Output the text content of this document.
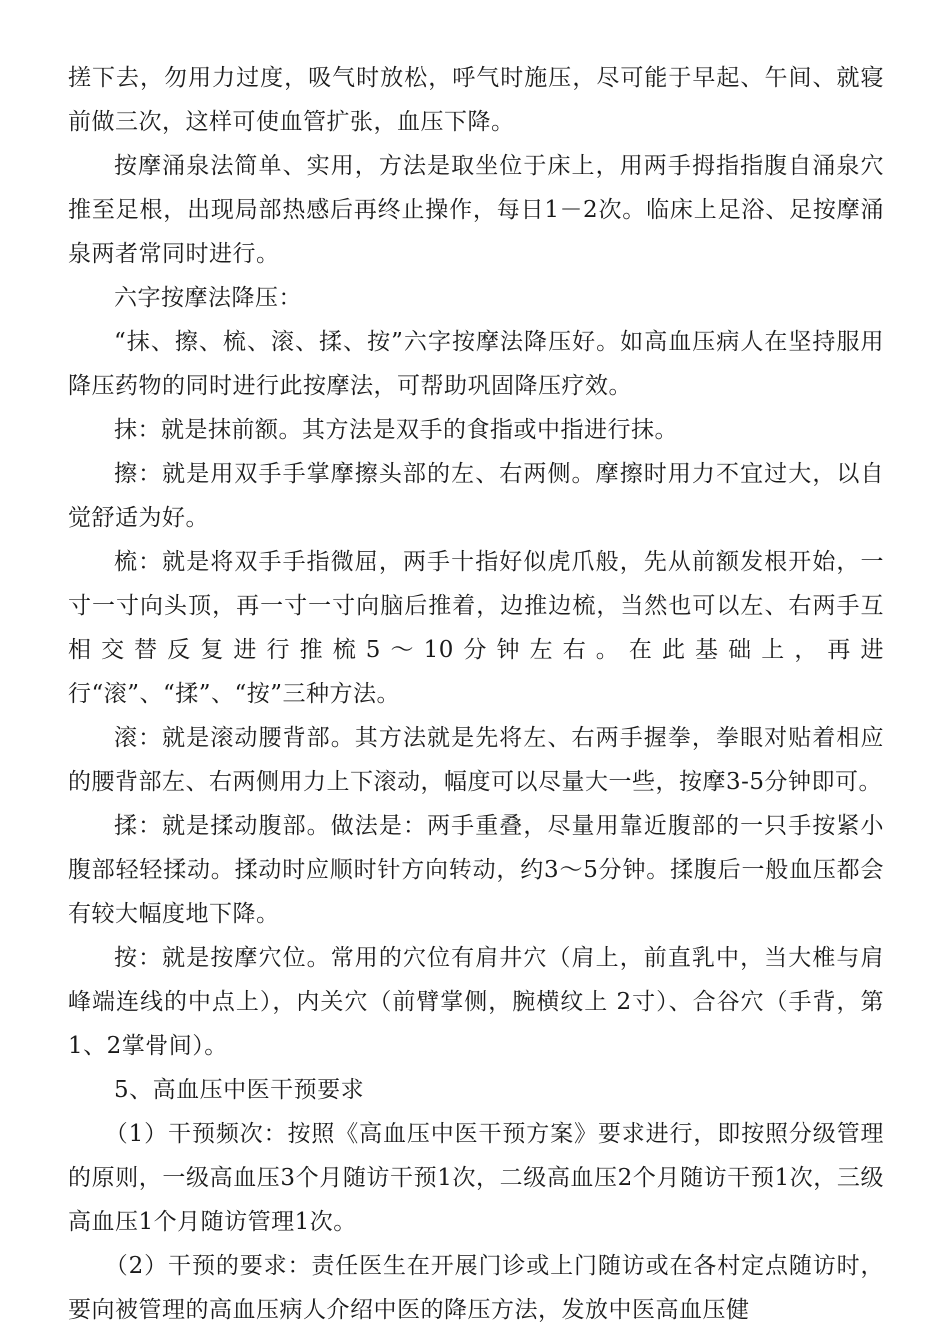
搓下去，勿用力过度，吸气时放松，呼气时施压，尽可能于早起、午间、就寝前做三次，这样可使血管扩张，血压下降。

按摩涌泉法简单、实用，方法是取坐位于床上，用两手拇指指腹自涌泉穴推至足根，出现局部热感后再终止操作，每日1－2次。临床上足浴、足按摩涌泉两者常同时进行。

六字按摩法降压：

“抹、擦、梳、滚、揉、按”六字按摩法降压好。如高血压病人在坚持服用降压药物的同时进行此按摩法，可帮助巩固降压疗效。

抹：就是抹前额。其方法是双手的食指或中指进行抹。

擦：就是用双手手掌摩擦头部的左、右两侧。摩擦时用力不宜过大，以自觉舒适为好。

梳：就是将双手手指微屈，两手十指好似虎爪般，先从前额发根开始，一寸一寸向头顶，再一寸一寸向脑后推着，边推边梳，当然也可以左、右两手互相交替反复进行推梳5～10分钟左右。在此基础上，再进行“滚”、“揉”、“按”三种方法。

滚：就是滚动腰背部。其方法就是先将左、右两手握拳，拳眼对贴着相应的腰背部左、右两侧用力上下滚动，幅度可以尽量大一些，按摩3-5分钟即可。

揉：就是揉动腹部。做法是：两手重叠，尽量用靠近腹部的一只手按紧小腹部轻轻揉动。揉动时应顺时针方向转动，约3～5分钟。揉腹后一般血压都会有较大幅度地下降。

按：就是按摩穴位。常用的穴位有肩井穴（肩上，前直乳中，当大椎与肩峰端连线的中点上），内关穴（前臂掌侧，腕横纹上 2寸）、合谷穴（手背，第1、2掌骨间）。

5、高血压中医干预要求

（1）干预频次：按照《高血压中医干预方案》要求进行，即按照分级管理的原则，一级高血压3个月随访干预1次，二级高血压2个月随访干预1次，三级高血压1个月随访管理1次。

（2）干预的要求：责任医生在开展门诊或上门随访或在各村定点随访时，要向被管理的高血压病人介绍中医的降压方法，发放中医高血压健
